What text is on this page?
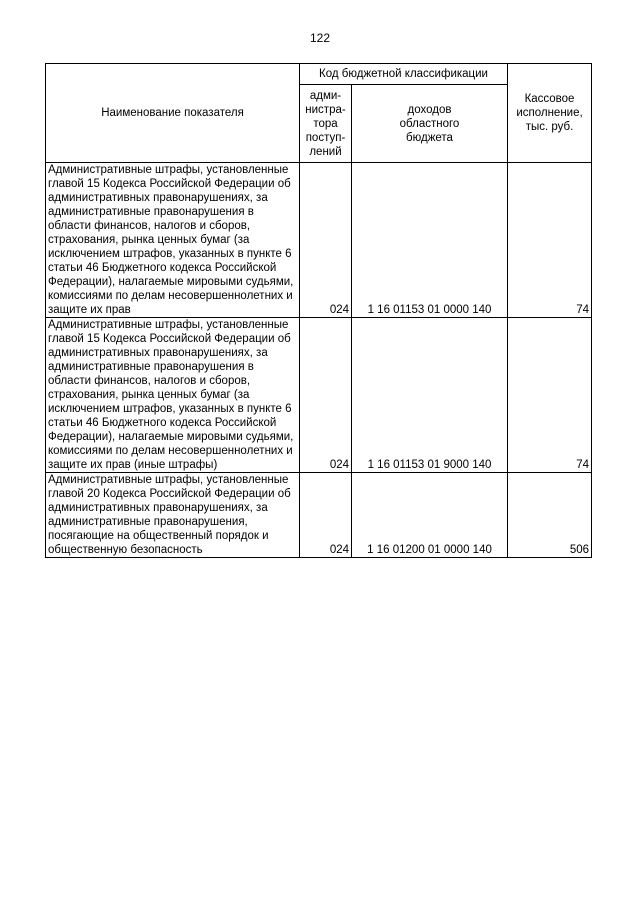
122
Наименование показателя	Код бюджетной классификации		Кассовое
исполнение,
тыс. руб.
	адми-
нистра-
тора
поступ-
лений	доходов
областного
бюджета	
Административные штрафы, установленные главой 15 Кодекса Российской Федерации об административных правонарушениях, за административные правонарушения в области финансов, налогов и сборов, страхования, рынка ценных бумаг (за исключением штрафов, указанных в пункте 6 статьи 46 Бюджетного кодекса Российской Федерации), налагаемые мировыми судьями, комиссиями по делам несовершеннолетних и защите их прав	024	1 16 01153 01 0000 140	74
Административные штрафы, установленные главой 15 Кодекса Российской Федерации об административных правонарушениях, за административные правонарушения в области финансов, налогов и сборов, страхования, рынка ценных бумаг (за исключением штрафов, указанных в пункте 6 статьи 46 Бюджетного кодекса Российской Федерации), налагаемые мировыми судьями, комиссиями по делам несовершеннолетних и защите их прав (иные штрафы)	024	1 16 01153 01 9000 140	74
Административные штрафы, установленные главой 20 Кодекса Российской Федерации об административных правонарушениях, за административные правонарушения, посягающие на общественный порядок и общественную безопасность	024	1 16 01200 01 0000 140	506
